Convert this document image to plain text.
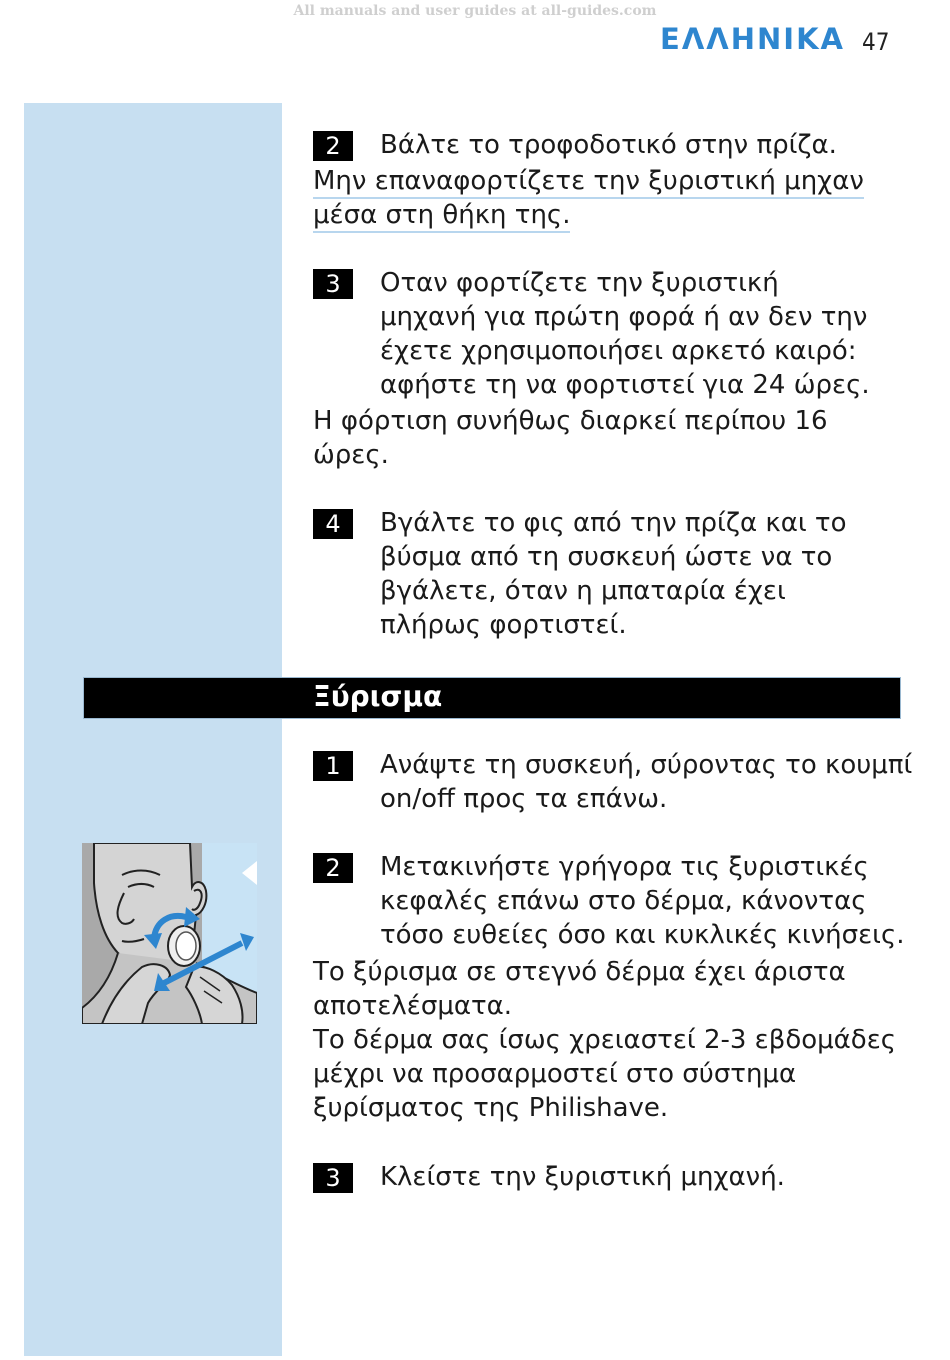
All manuals and user guides at all-guides.com
ΕΛΛΗΝΙΚΑ 47
2	Βάλτε το τροφοδοτικό στην πρίζα.
Μην επαναφορτίζετε την ξυριστική μηχαν
μέσα στη θήκη της.
3	Οταν φορτίζετε την ξυριστική μηχανή για πρώτη φορά ή αν δεν την έχετε χρησιμοποιήσει αρκετό καιρό: αφήστε τη να φορτιστεί για 24 ώρες.
Η φόρτιση συνήθως διαρκεί περίπου 16 ώρες.
4	Βγάλτε το φις από την πρίζα και το βύσμα από τη συσκευή ώστε να το βγάλετε, όταν η μπαταρία έχει πλήρως φορτιστεί.
Ξύρισμα
1	Ανάψτε τη συσκευή, σύροντας το κουμπί on/off προς τα επάνω.
2	Μετακινήστε γρήγορα τις ξυριστικές κεφαλές επάνω στο δέρμα, κάνοντας τόσο ευθείες όσο και κυκλικές κινήσεις.
Το ξύρισμα σε στεγνό δέρμα έχει άριστα αποτελέσματα.
Το δέρμα σας ίσως χρειαστεί 2-3 εβδομάδες μέχρι να προσαρμοστεί στο σύστημα ξυρίσματος της Philishave.
3	Κλείστε την ξυριστική μηχανή.
